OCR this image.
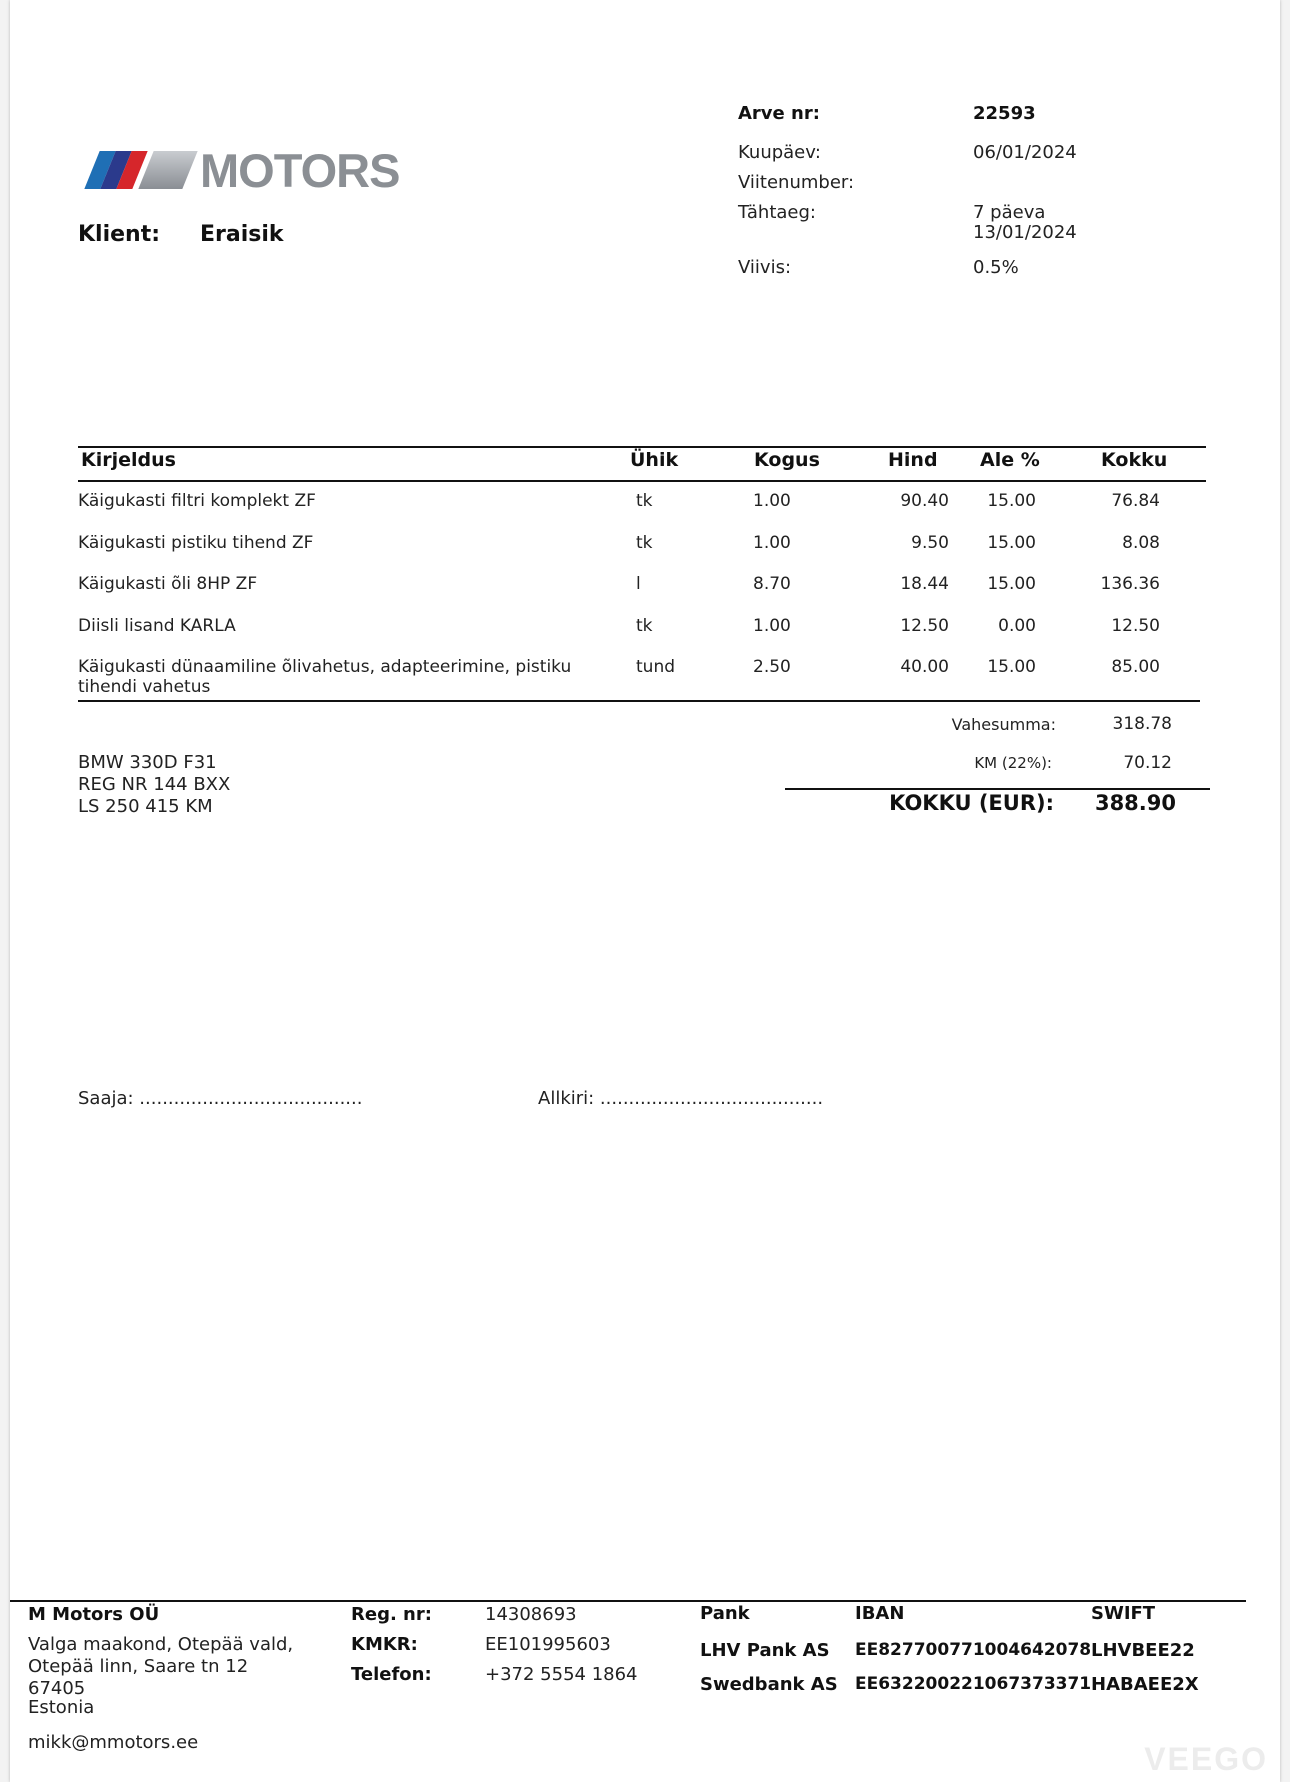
MOTORS
Klient: Eraisik
Arve nr:	22593
Kuupäev:	06/01/2024
Viitenumber:
Tähtaeg:	7 päeva
13/01/2024
Viivis:	0.5%
Kirjeldus	Ühik	Kogus	Hind Ale %	Kokku
Käigukasti filtri komplekt ZF	tk	1.00	90.40 15.00	76.84
Käigukasti pistiku tihend ZF	tk	1.00	9.50 15.00	8.08
Käigukasti õli 8HP ZF	l	8.70	18.44 15.00	136.36
Diisli lisand KARLA	tk	1.00	12.50	0.00	12.50
Käigukasti dünaamiline õlivahetus, adapteerimine, pistiku
tihendi vahetus
tund	2.50	40.00 15.00	85.00
Vahesumma:	318.78
KM (22%):	70.12
KOKKU (EUR): 388.90
BMW 330D F31
REG NR 144 BXX
LS 250 415 KM
Saaja: .......................................	Allkiri: .......................................
M Motors OÜ
Valga maakond, Otepää vald,
Otepää linn, Saare tn 12
67405
Estonia
mikk@mmotors.ee
Reg. nr:	14308693
KMKR:	EE101995603
Telefon:	+372 5554 1864
Pank	IBAN	SWIFT
LHV Pank AS EE827700771004642078 LHVBEE22
Swedbank AS EE632200221067373371 HABAEE2X
VEEGO
